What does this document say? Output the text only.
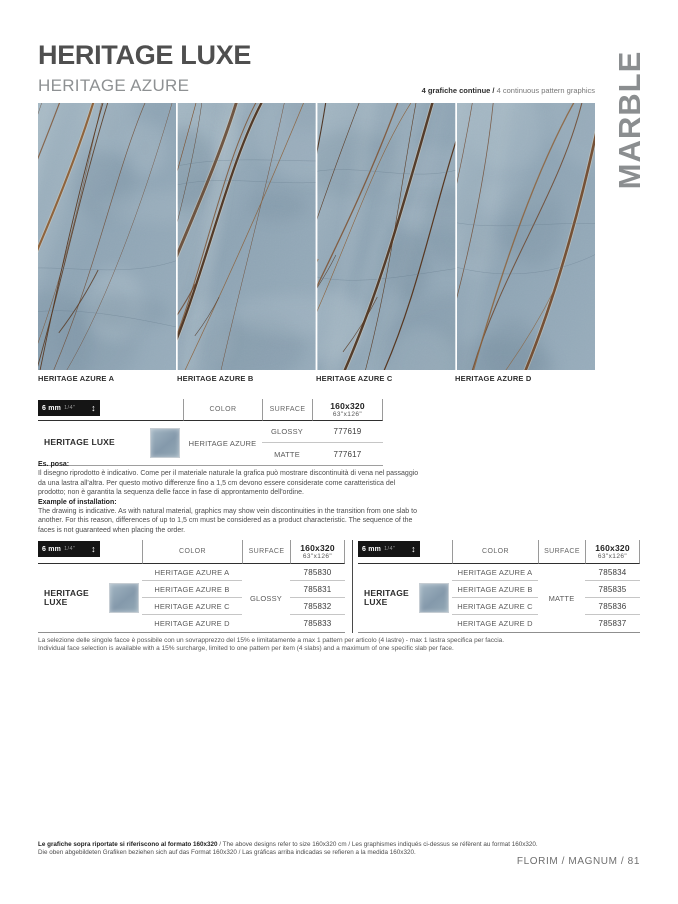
HERITAGE LUXE
HERITAGE AZURE	4 grafiche continue / 4 continuous pattern graphics MARBLE
HERITAGE AZURE A	HERITAGE AZURE B	HERITAGE AZURE C	HERITAGE AZURE D
6 mm 1/4" ↕	COLOR	SURFACE	160x320
63"x126"
HERITAGE LUXE	HERITAGE AZURE
GLOSSY	777619
MATTE	777617
Es. posa:
Il disegno riprodotto è indicativo. Come per il materiale naturale la grafica può mostrare discontinuità di vena nel passaggio da una lastra all'altra. Per questo motivo differenze fino a 1,5 cm devono essere considerate come caratteristica del prodotto; non è garantita la sequenza delle facce in fase di approntamento dell'ordine.
Example of installation:
The drawing is indicative. As with natural material, graphics may show vein discontinuities in the transition from one slab to another. For this reason, differences of up to 1,5 cm must be considered as a product characteristic. The sequence of the faces is not guaranteed when placing the order.
6 mm 1/4" ↕	COLOR	SURFACE	160x320
63"x126"
HERITAGE LUXE
HERITAGE AZURE A	785830
HERITAGE AZURE B	785831
HERITAGE AZURE C	785832
HERITAGE AZURE D	785833
GLOSSY
6 mm 1/4" ↕	COLOR	SURFACE	160x320
63"x126"
HERITAGE LUXE
HERITAGE AZURE A	785834
HERITAGE AZURE B	785835
HERITAGE AZURE C	785836
HERITAGE AZURE D	785837
MATTE
La selezione delle singole facce è possibile con un sovrapprezzo del 15% e limitatamente a max 1 pattern per articolo (4 lastre) - max 1 lastra specifica per faccia.
Individual face selection is available with a 15% surcharge, limited to one pattern per item (4 slabs) and a maximum of one specific slab per face.
Le grafiche sopra riportate si riferiscono al formato 160x320 / The above designs refer to size 160x320 cm / Les graphismes indiqués ci-dessus se réfèrent au format 160x320.
Die oben abgebildeten Grafiken beziehen sich auf das Format 160x320 / Las gráficas arriba indicadas se refieren a la medida 160x320.
FLORIM / MAGNUM / 81
